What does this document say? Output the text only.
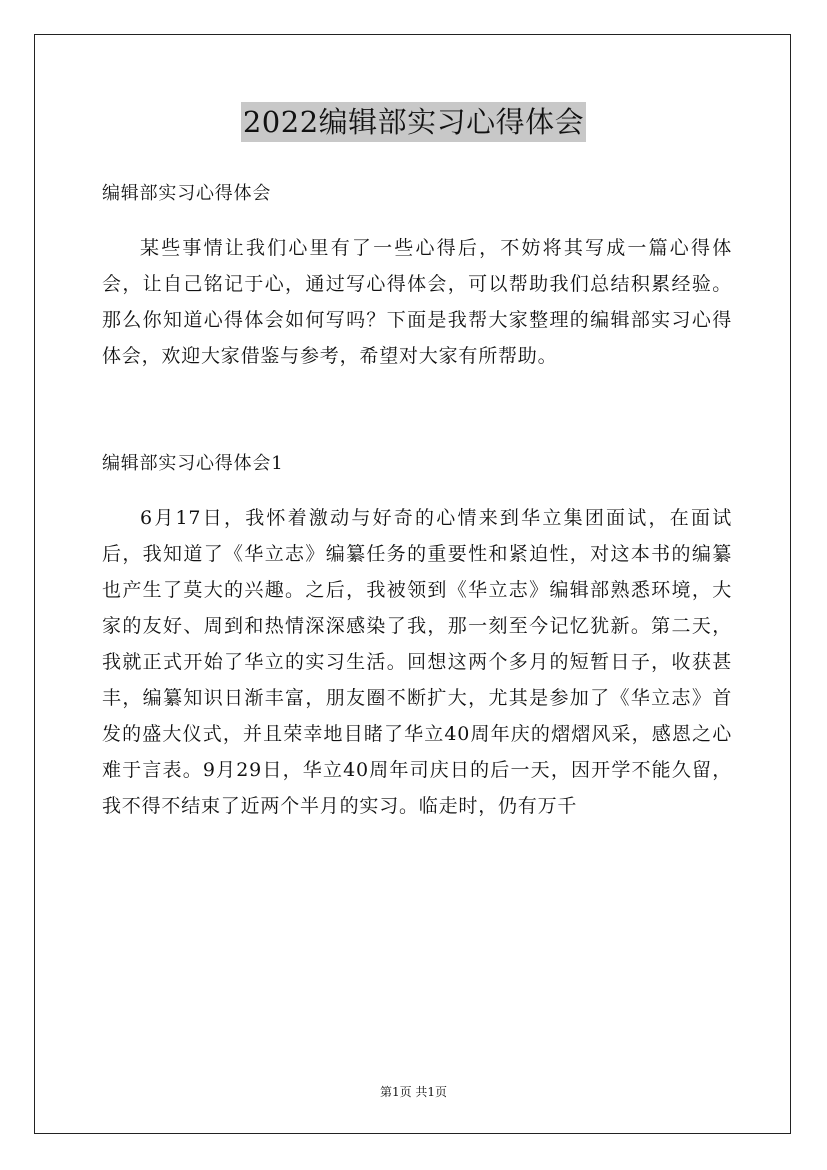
2022编辑部实习心得体会

编辑部实习心得体会

某些事情让我们心里有了一些心得后，不妨将其写成一篇心得体会，让自己铭记于心，通过写心得体会，可以帮助我们总结积累经验。那么你知道心得体会如何写吗？下面是我帮大家整理的编辑部实习心得体会，欢迎大家借鉴与参考，希望对大家有所帮助。

编辑部实习心得体会1

6月17日，我怀着激动与好奇的心情来到华立集团面试，在面试后，我知道了《华立志》编纂任务的重要性和紧迫性，对这本书的编纂也产生了莫大的兴趣。之后，我被领到《华立志》编辑部熟悉环境，大家的友好、周到和热情深深感染了我，那一刻至今记忆犹新。第二天，我就正式开始了华立的实习生活。回想这两个多月的短暂日子，收获甚丰，编纂知识日渐丰富，朋友圈不断扩大，尤其是参加了《华立志》首发的盛大仪式，并且荣幸地目睹了华立40周年庆的熠熠风采，感恩之心难于言表。9月29日，华立40周年司庆日的后一天，因开学不能久留，我不得不结束了近两个半月的实习。临走时，仍有万千

第1页 共1页
